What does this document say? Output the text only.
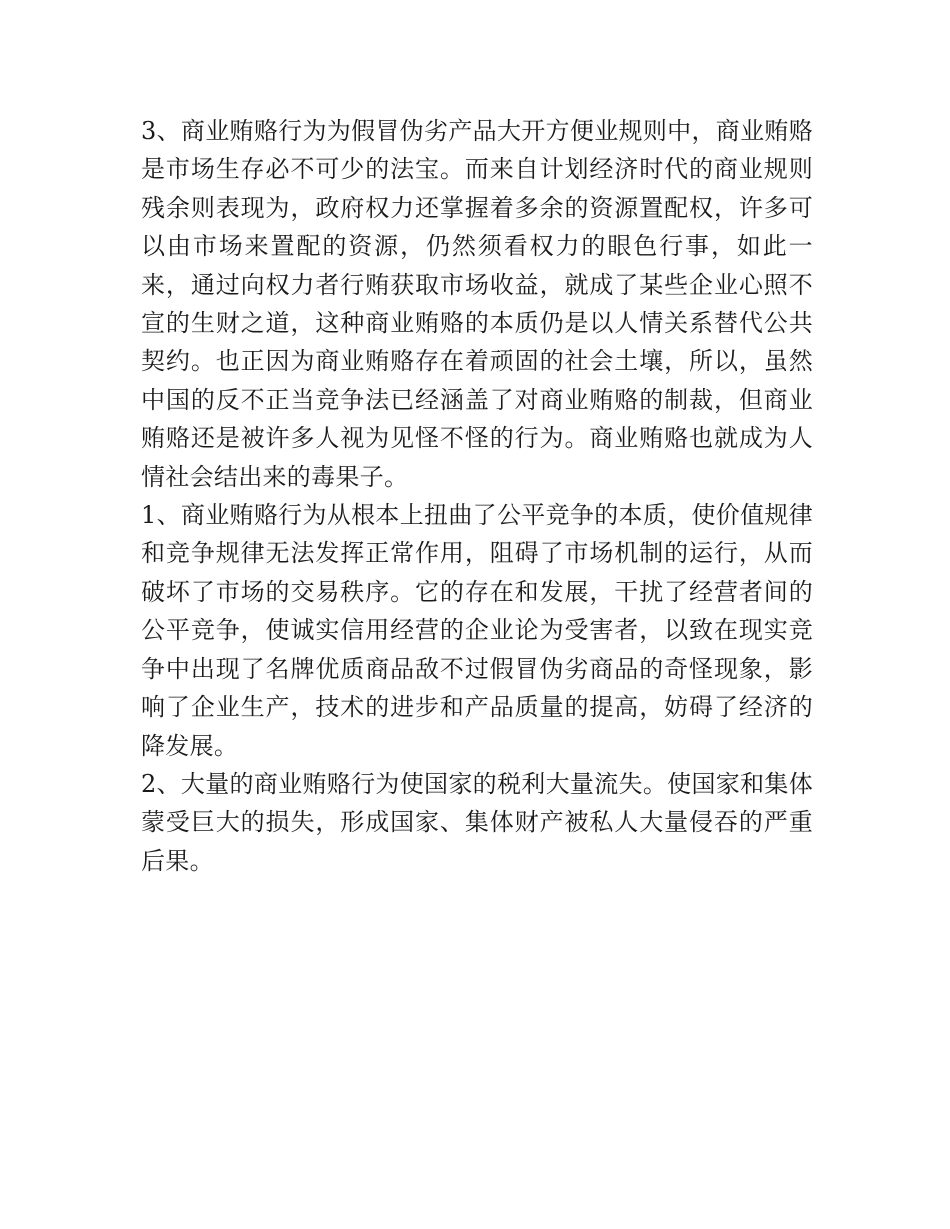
3、商业贿赂行为为假冒伪劣产品大开方便业规则中，商业贿赂是市场生存必不可少的法宝。而来自计划经济时代的商业规则残余则表现为，政府权力还掌握着多余的资源置配权，许多可以由市场来置配的资源，仍然须看权力的眼色行事，如此一来，通过向权力者行贿获取市场收益，就成了某些企业心照不宣的生财之道，这种商业贿赂的本质仍是以人情关系替代公共契约。也正因为商业贿赂存在着顽固的社会土壤，所以，虽然中国的反不正当竞争法已经涵盖了对商业贿赂的制裁，但商业贿赂还是被许多人视为见怪不怪的行为。商业贿赂也就成为人情社会结出来的毒果子。

1、商业贿赂行为从根本上扭曲了公平竞争的本质，使价值规律和竞争规律无法发挥正常作用，阻碍了市场机制的运行，从而破坏了市场的交易秩序。它的存在和发展，干扰了经营者间的公平竞争，使诚实信用经营的企业论为受害者，以致在现实竞争中出现了名牌优质商品敌不过假冒伪劣商品的奇怪现象，影响了企业生产，技术的进步和产品质量的提高，妨碍了经济的降发展。

2、大量的商业贿赂行为使国家的税利大量流失。使国家和集体蒙受巨大的损失，形成国家、集体财产被私人大量侵吞的严重后果。
